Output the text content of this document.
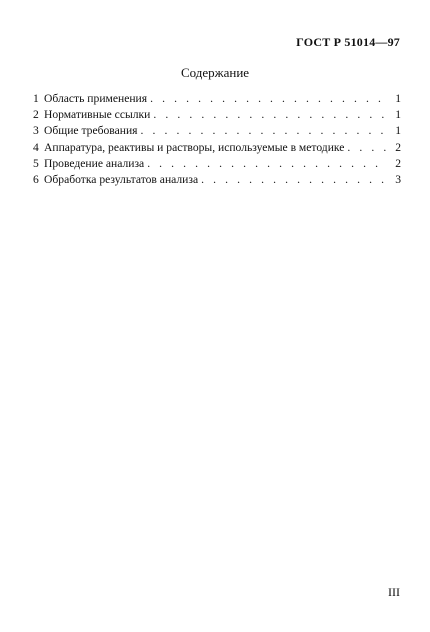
ГОСТ Р 51014—97
Содержание
1 Область применения . . .	1
2 Нормативные ссылки . . .	1
3 Общие требования . . .	1
4 Аппаратура, реактивы и растворы, используемые в методике . . .	2
5 Проведение анализа . . .	2
6 Обработка результатов анализа . . .	3
III
